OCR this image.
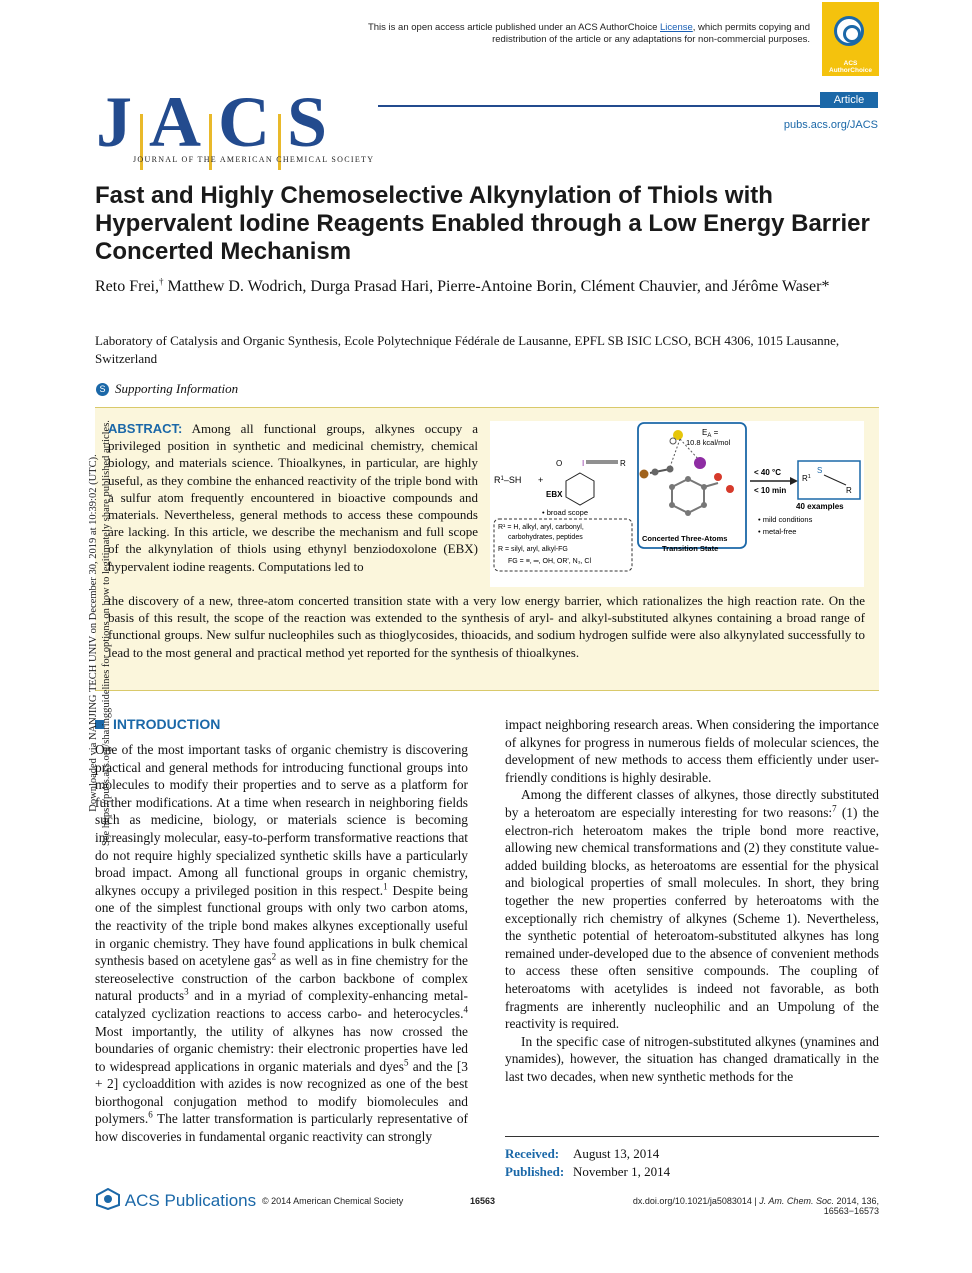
This is an open access article published under an ACS AuthorChoice License, which permits copying and redistribution of the article or any adaptations for non-commercial purposes.
ACS AuthorChoice
J A C S
JOURNAL OF THE AMERICAN CHEMICAL SOCIETY
Article
pubs.acs.org/JACS
Fast and Highly Chemoselective Alkynylation of Thiols with Hypervalent Iodine Reagents Enabled through a Low Energy Barrier Concerted Mechanism
Reto Frei,† Matthew D. Wodrich, Durga Prasad Hari, Pierre-Antoine Borin, Clément Chauvier, and Jérôme Waser*
Laboratory of Catalysis and Organic Synthesis, Ecole Polytechnique Fédérale de Lausanne, EPFL SB ISIC LCSO, BCH 4306, 1015 Lausanne, Switzerland
S Supporting Information
ABSTRACT: Among all functional groups, alkynes occupy a privileged position in synthetic and medicinal chemistry, chemical biology, and materials science. Thioalkynes, in particular, are highly useful, as they combine the enhanced reactivity of the triple bond with a sulfur atom frequently encountered in bioactive compounds and materials. Nevertheless, general methods to access these compounds are lacking. In this article, we describe the mechanism and full scope of the alkynylation of thiols using ethynyl benziodoxolone (EBX) hypervalent iodine reagents. Computations led to
the discovery of a new, three-atom concerted transition state with a very low energy barrier, which rationalizes the high reaction rate. On the basis of this result, the scope of the reaction was extended to the synthesis of aryl- and alkyl-substituted alkynes containing a broad range of functional groups. New sulfur nucleophiles such as thioglycosides, thioacids, and sodium hydrogen sulfide were also alkynylated successfully to lead to the most general and practical method yet reported for the synthesis of thioalkynes.
$E_A$ =
10.8 kcal/mol
Concerted Three-Atoms
Transition State
$R^1-SH$ +
O I	R
EBX
• broad scope
R¹ = H, alkyl, aryl, carbonyl,
carbohydrates, peptides
R = silyl, aryl, alkyl-FG
FG = ≡, ═, OH, OR', N₃, Cl
< 40 °C
< 10 min
$R^1$
S
R
40 examples
• mild conditions
• metal-free
INTRODUCTION

One of the most important tasks of organic chemistry is discovering practical and general methods for introducing functional groups into molecules to modify their properties and to serve as a platform for further modifications. At a time when research in neighboring fields such as medicine, biology, or materials science is becoming increasingly molecular, easy-to-perform transformative reactions that do not require highly specialized synthetic skills have a particularly broad impact. Among all functional groups in organic chemistry, alkynes occupy a privileged position in this respect.$^1$ Despite being one of the simplest functional groups with only two carbon atoms, the reactivity of the triple bond makes alkynes exceptionally useful in organic chemistry. They have found applications in bulk chemical synthesis based on acetylene gas$^2$ as well as in fine chemistry for the stereoselective construction of the carbon backbone of complex natural products$^3$ and in a myriad of complexity-enhancing metal-catalyzed cyclization reactions to access carbo- and heterocycles.$^4$ Most importantly, the utility of alkynes has now crossed the boundaries of organic chemistry: their electronic properties have led to widespread applications in organic materials and dyes$^5$ and the [3 + 2] cycloaddition with azides is now recognized as one of the best biorthogonal conjugation method to modify biomolecules and polymers.$^6$ The latter transformation is particularly representative of how discoveries in fundamental organic reactivity can strongly

impact neighboring research areas. When considering the importance of alkynes for progress in numerous fields of molecular sciences, the development of new methods to access them efficiently under user-friendly conditions is highly desirable.

Among the different classes of alkynes, those directly substituted by a heteroatom are especially interesting for two reasons:$^7$ (1) the electron-rich heteroatom makes the triple bond more reactive, allowing new chemical transformations and (2) they constitute value-added building blocks, as heteroatoms are essential for the physical and biological properties of small molecules. In short, they bring together the new properties conferred by heteroatoms with the exceptionally rich chemistry of alkynes (Scheme 1). Nevertheless, the synthetic potential of heteroatom-substituted alkynes has long remained under-developed due to the absence of convenient methods to access these often sensitive compounds. The coupling of heteroatoms with acetylides is indeed not favorable, as both fragments are inherently nucleophilic and an Umpolung of the reactivity is required.

In the specific case of nitrogen-substituted alkynes (ynamines and ynamides), however, the situation has changed dramatically in the last two decades, when new synthetic methods for the

Received: August 13, 2014
Published: November 1, 2014
Downloaded via NANJING TECH UNIV on December 30, 2019 at 10:39:02 (UTC). See https://pubs.acs.org/sharingguidelines for options on how to legitimately share published articles.
ACS Publications © 2014 American Chemical Society	16563	dx.doi.org/10.1021/ja5083014 | J. Am. Chem. Soc. 2014, 136, 16563−16573
